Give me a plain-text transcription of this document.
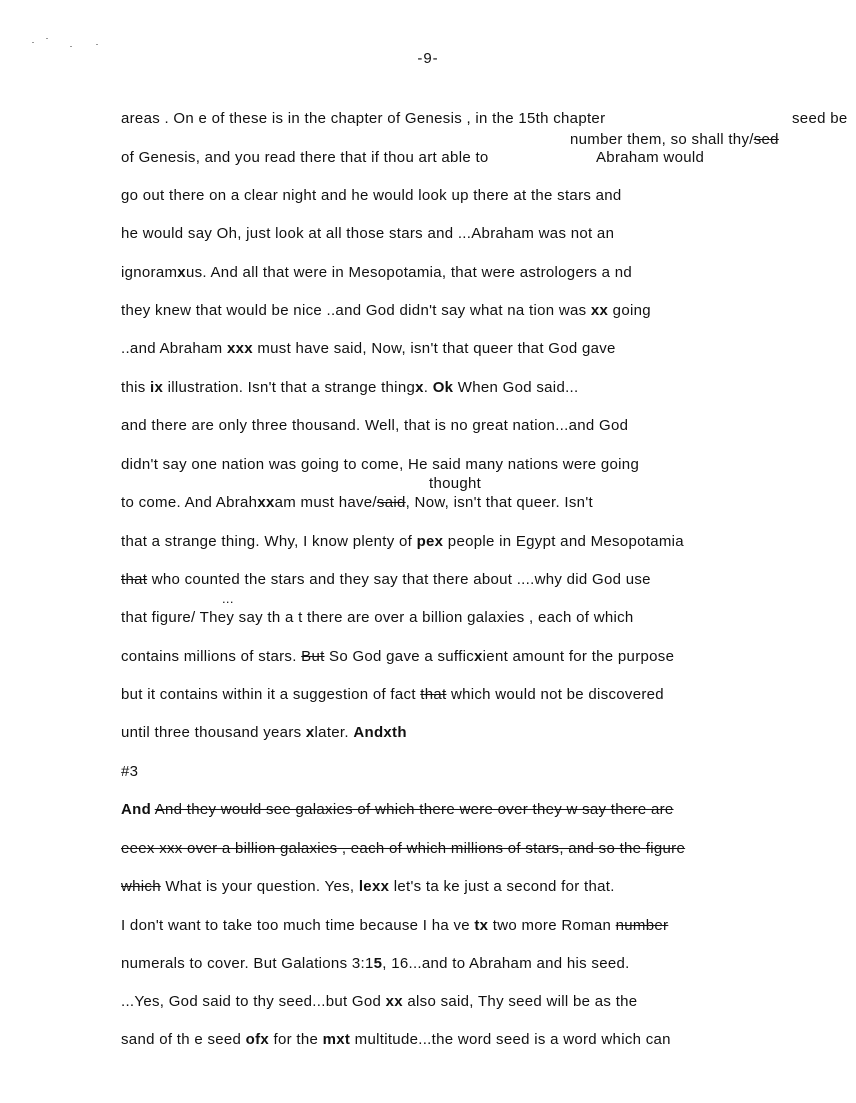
-9-
seed be
number them, so shall thy/sed
Abraham would
thought
...
areas . On e of these is in the chapter of Genesis , in the 15th chapter
of Genesis, and you read there that if thou art able to
go out there on a clear night and he would look up there at the stars and
he would say Oh, just look at all those stars and ...Abraham was not an
ignoramxus. And all that were in Mesopotamia, that were astrologers a nd
they knew that would be nice ..and God didn't say what na tion was xx going
..and Abraham xxx must have said, Now, isn't that queer that God gave
this ix illustration. Isn't that a strange thingx. Ok When God said...
and there are only three thousand. Well, that is no great nation...and God
didn't say one nation was going to come, He said many nations were going
to come. And Abrahxxam must have/said, Now, isn't that queer. Isn't
that a strange thing. Why, I know plenty of pex people in Egypt and Mesopotamia
that who counted the stars and they say that there about ....why did God use
that figure/ They say th a t there are over a billion galaxies , each of which
contains millions of stars. But So God gave a sufficxient amount for the purpose
but it contains within it a suggestion of fact that which would not be discovered
until three thousand years xlater. Andxth
#3
And And they would see galaxies of which there were over they w say there are
eeex xxx over a billion galaxies , each of which millions of stars, and so the figure
which What is your question. Yes, lexx let's ta ke just a second for that.
I don't want to take too much time because I ha ve tx two more Roman number
numerals to cover. But Galations 3:15, 16...and to Abraham and his seed.
...Yes, God said to thy seed...but God xx also said, Thy seed will be as the
sand of th e seed ofx for the mxt multitude...the word seed is a word which can
